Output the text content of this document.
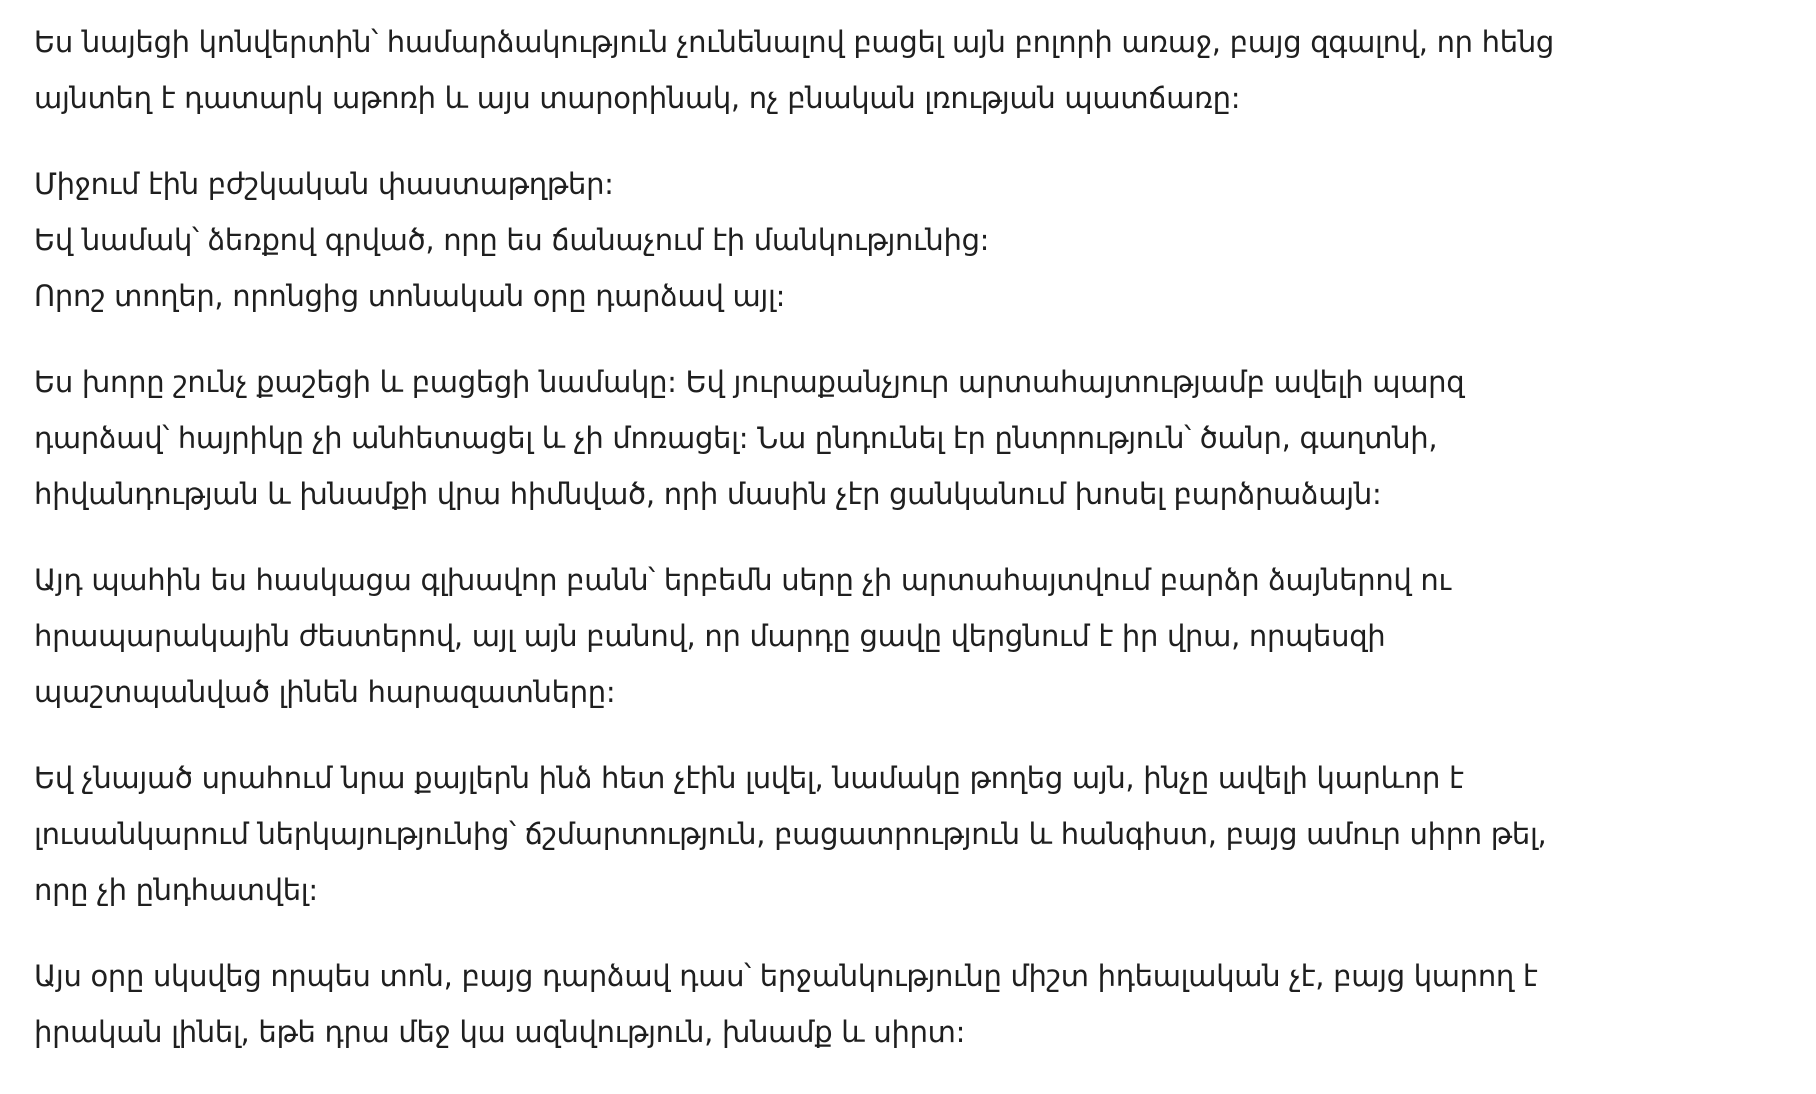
Ես նայեցի կոնվերտին՝ համարձակություն չունենալով բացել այն բոլորի առաջ, բայց զգալով, որ հենց
այնտեղ է դատարկ աթոռի և այս տարօրինակ, ոչ բնական լռության պատճառը:

Միջում էին բժշկական փաստաթղթեր:
Եվ նամակ՝ ձեռքով գրված, որը ես ճանաչում էի մանկությունից:
Որոշ տողեր, որոնցից տոնական օրը դարձավ այլ:

Ես խորը շունչ քաշեցի և բացեցի նամակը: Եվ յուրաքանչյուր արտահայտությամբ ավելի պարզ
դարձավ՝ հայրիկը չի անհետացել և չի մոռացել: Նա ընդունել էր ընտրություն՝ ծանր, գաղտնի,
հիվանդության և խնամքի վրա հիմնված, որի մասին չէր ցանկանում խոսել բարձրաձայն:

Այդ պահին ես հասկացա գլխավոր բանն՝ երբեմն սերը չի արտահայտվում բարձր ձայներով ու
հրապարակային ժեստերով, այլ այն բանով, որ մարդը ցավը վերցնում է իր վրա, որպեսզի
պաշտպանված լինեն հարազատները:

Եվ չնայած սրահում նրա քայլերն ինձ հետ չէին լսվել, նամակը թողեց այն, ինչը ավելի կարևոր է
լուսանկարում ներկայությունից՝ ճշմարտություն, բացատրություն և հանգիստ, բայց ամուր սիրո թել,
որը չի ընդհատվել:

Այս օրը սկսվեց որպես տոն, բայց դարձավ դաս՝ երջանկությունը միշտ իդեալական չէ, բայց կարող է
իրական լինել, եթե դրա մեջ կա ազնվություն, խնամք և սիրտ:
